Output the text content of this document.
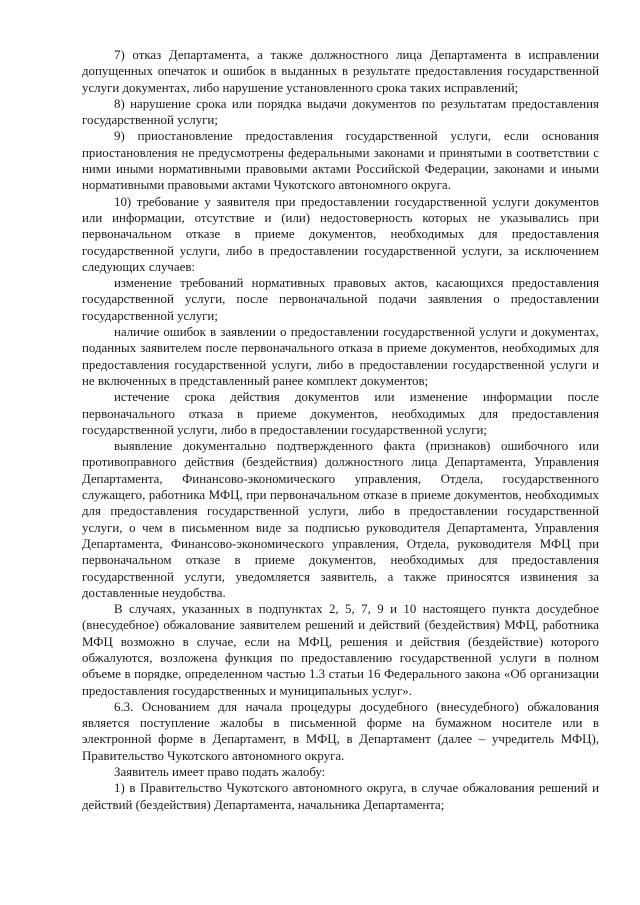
7) отказ Департамента, а также должностного лица Департамента в исправлении допущенных опечаток и ошибок в выданных в результате предоставления государственной услуги документах, либо нарушение установленного срока таких исправлений;

8) нарушение срока или порядка выдачи документов по результатам предоставления государственной услуги;

9) приостановление предоставления государственной услуги, если основания приостановления не предусмотрены федеральными законами и принятыми в соответствии с ними иными нормативными правовыми актами Российской Федерации, законами и иными нормативными правовыми актами Чукотского автономного округа.

10) требование у заявителя при предоставлении государственной услуги документов или информации, отсутствие и (или) недостоверность которых не указывались при первоначальном отказе в приеме документов, необходимых для предоставления государственной услуги, либо в предоставлении государственной услуги, за исключением следующих случаев:

изменение требований нормативных правовых актов, касающихся предоставления государственной услуги, после первоначальной подачи заявления о предоставлении государственной услуги;

наличие ошибок в заявлении о предоставлении государственной услуги и документах, поданных заявителем после первоначального отказа в приеме документов, необходимых для предоставления государственной услуги, либо в предоставлении государственной услуги и не включенных в представленный ранее комплект документов;

истечение срока действия документов или изменение информации после первоначального отказа в приеме документов, необходимых для предоставления государственной услуги, либо в предоставлении государственной услуги;

выявление документально подтвержденного факта (признаков) ошибочного или противоправного действия (бездействия) должностного лица Департамента, Управления Департамента, Финансово-экономического управления, Отдела, государственного служащего, работника МФЦ, при первоначальном отказе в приеме документов, необходимых для предоставления государственной услуги, либо в предоставлении государственной услуги, о чем в письменном виде за подписью руководителя Департамента, Управления Департамента, Финансово-экономического управления, Отдела, руководителя МФЦ при первоначальном отказе в приеме документов, необходимых для предоставления государственной услуги, уведомляется заявитель, а также приносятся извинения за доставленные неудобства.

В случаях, указанных в подпунктах 2, 5, 7, 9 и 10 настоящего пункта досудебное (внесудебное) обжалование заявителем решений и действий (бездействия) МФЦ, работника МФЦ возможно в случае, если на МФЦ, решения и действия (бездействие) которого обжалуются, возложена функция по предоставлению государственной услуги в полном объеме в порядке, определенном частью 1.3 статьи 16 Федерального закона «Об организации предоставления государственных и муниципальных услуг».

6.3. Основанием для начала процедуры досудебного (внесудебного) обжалования является поступление жалобы в письменной форме на бумажном носителе или в электронной форме в Департамент, в МФЦ, в Департамент (далее – учредитель МФЦ), Правительство Чукотского автономного округа.

Заявитель имеет право подать жалобу:

1) в Правительство Чукотского автономного округа, в случае обжалования решений и действий (бездействия) Департамента, начальника Департамента;
